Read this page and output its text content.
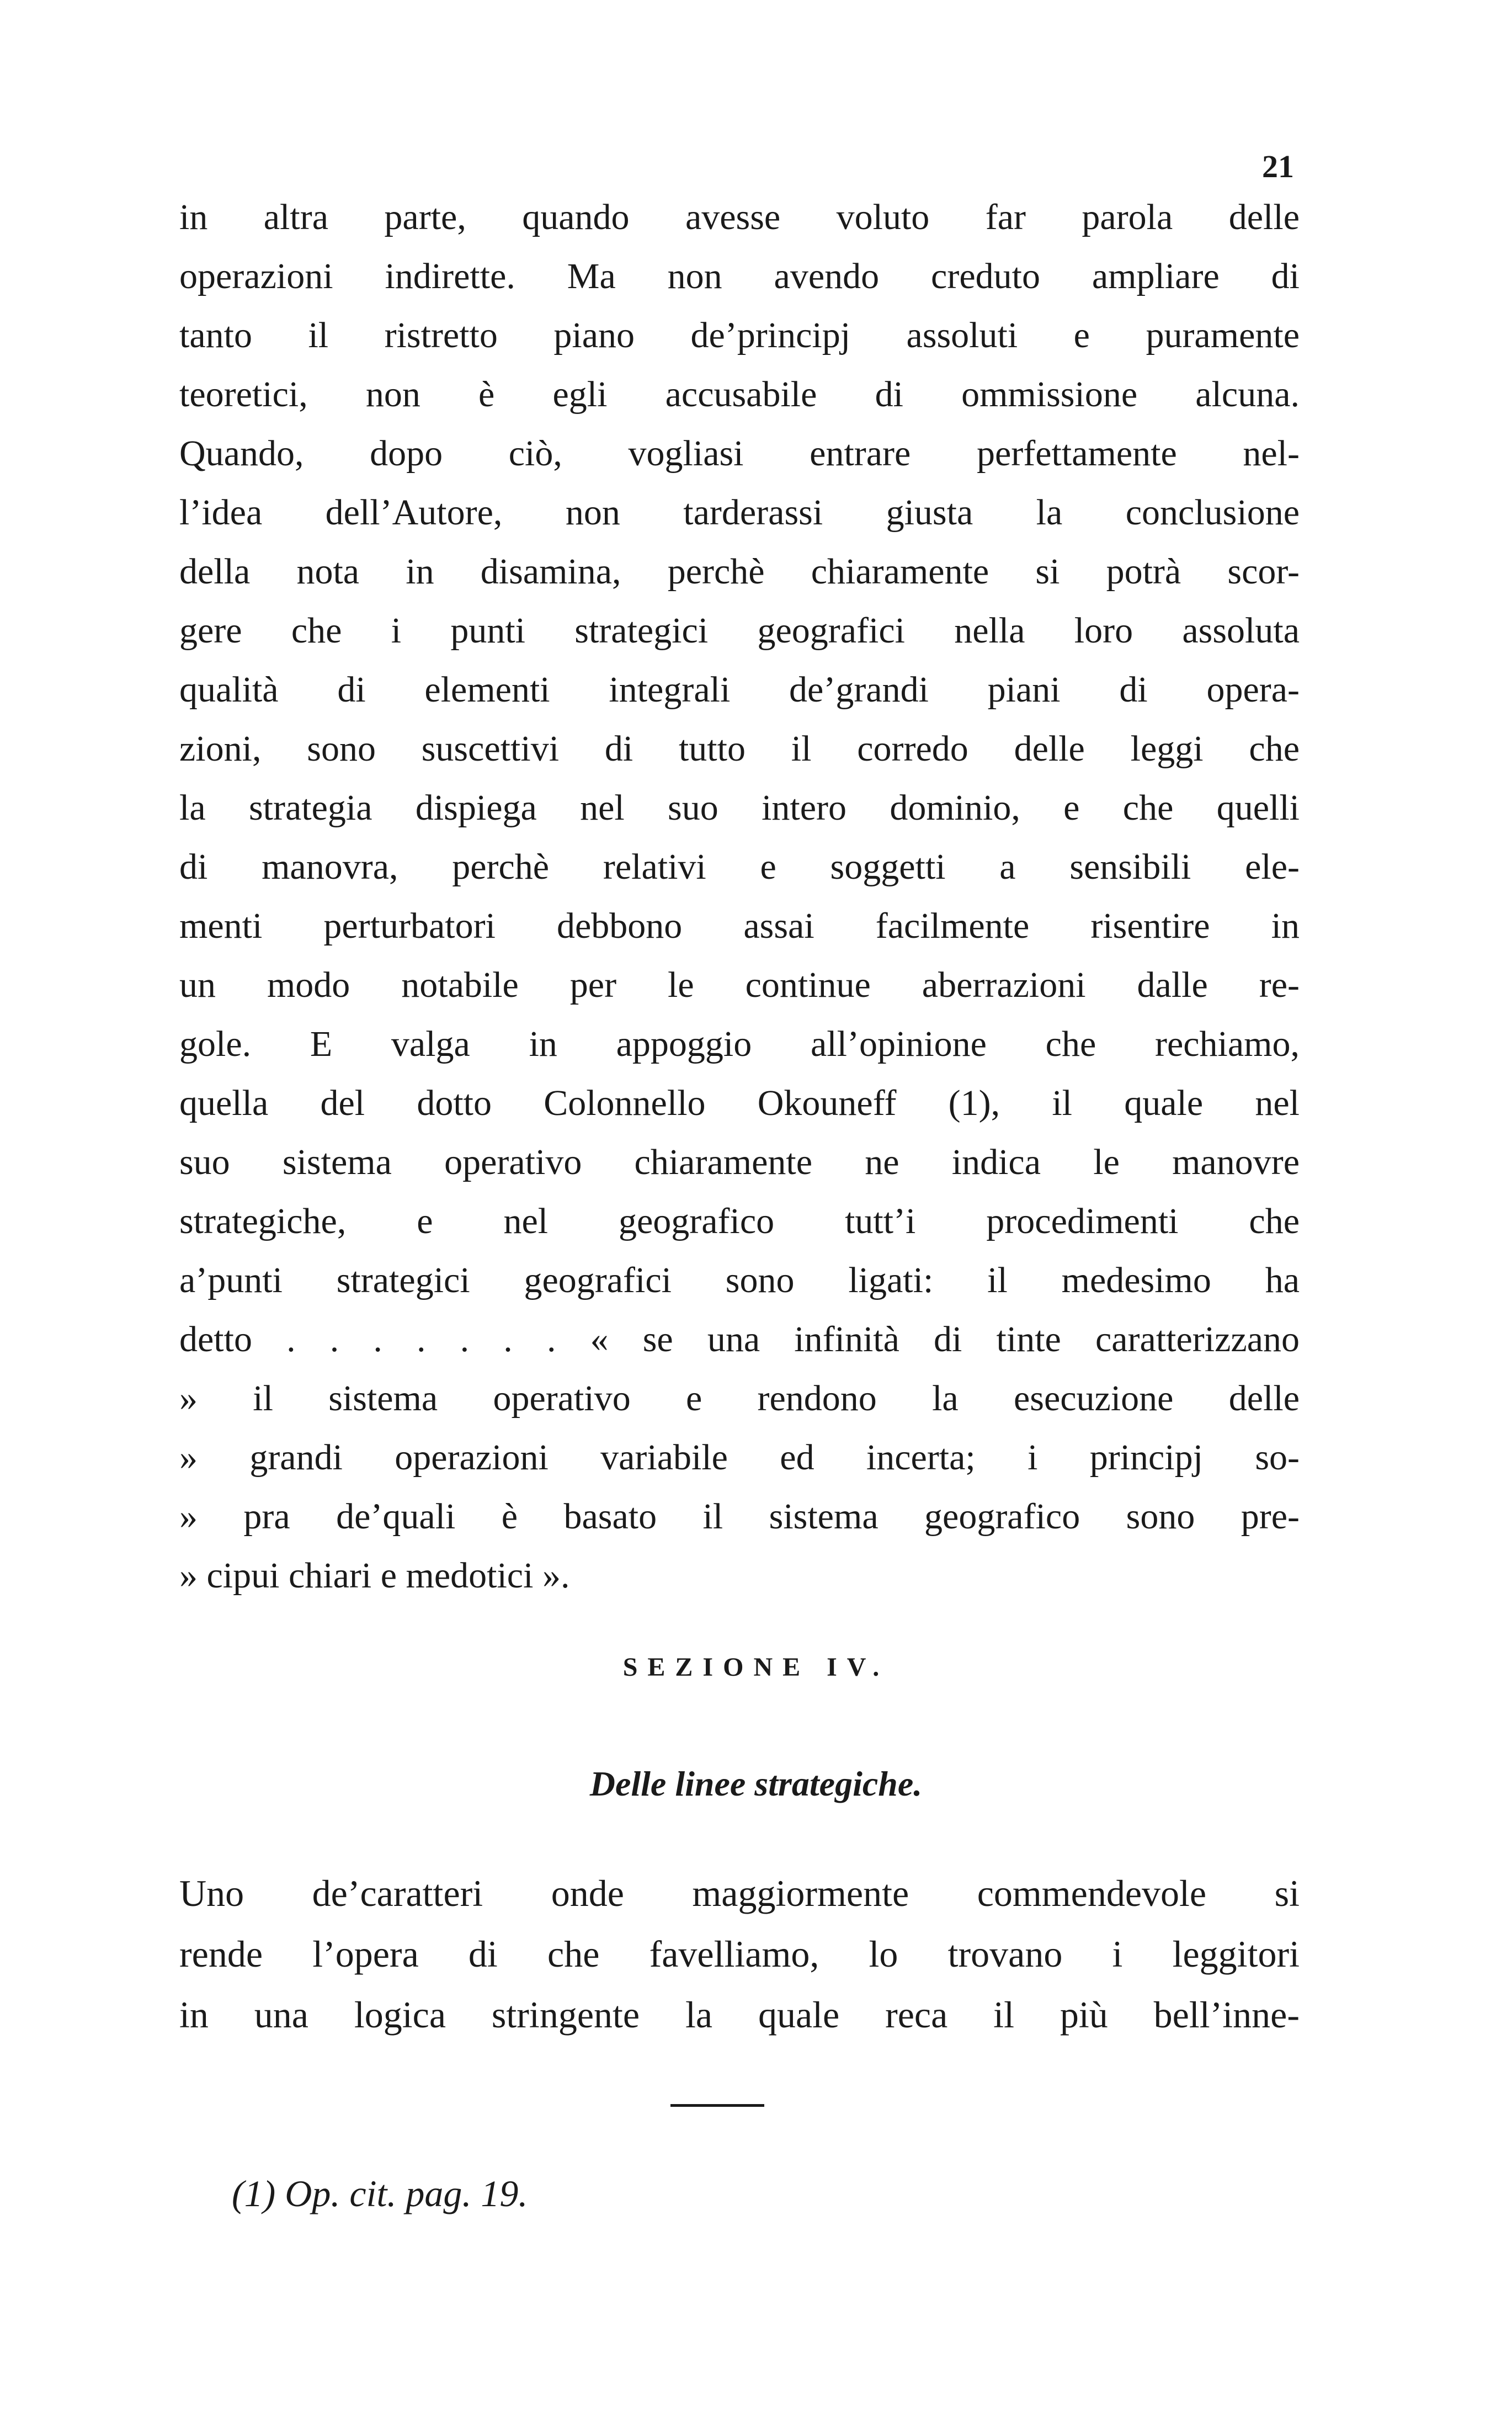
21
in altra parte, quando avesse voluto far parola delle
operazioni indirette. Ma non avendo creduto ampliare di
tanto il ristretto piano de’principj assoluti e puramente
teoretici, non è egli accusabile di ommissione alcuna.
Quando, dopo ciò, vogliasi entrare perfettamente nel-
l’idea dell’Autore, non tarderassi giusta la conclusione
della nota in disamina, perchè chiaramente si potrà scor-
gere che i punti strategici geografici nella loro assoluta
qualità di elementi integrali de’grandi piani di opera-
zioni, sono suscettivi di tutto il corredo delle leggi che
la strategia dispiega nel suo intero dominio, e che quelli
di manovra, perchè relativi e soggetti a sensibili ele-
menti perturbatori debbono assai facilmente risentire in
un modo notabile per le continue aberrazioni dalle re-
gole. E valga in appoggio all’opinione che rechiamo,
quella del dotto Colonnello Okouneff (1), il quale nel
suo sistema operativo chiaramente ne indica le manovre
strategiche, e nel geografico tutt’i procedimenti che
a’punti strategici geografici sono ligati: il medesimo ha
detto . . . . . . . « se una infinità di tinte caratterizzano
» il sistema operativo e rendono la esecuzione delle
» grandi operazioni variabile ed incerta; i principj so-
» pra de’quali è basato il sistema geografico sono pre-
» cipui chiari e medotici ».
SEZIONE IV.
Delle linee strategiche.
Uno de’caratteri onde maggiormente commendevole si
rende l’opera di che favelliamo, lo trovano i leggitori
in una logica stringente la quale reca il più bell’inne-
(1) Op. cit. pag. 19.
